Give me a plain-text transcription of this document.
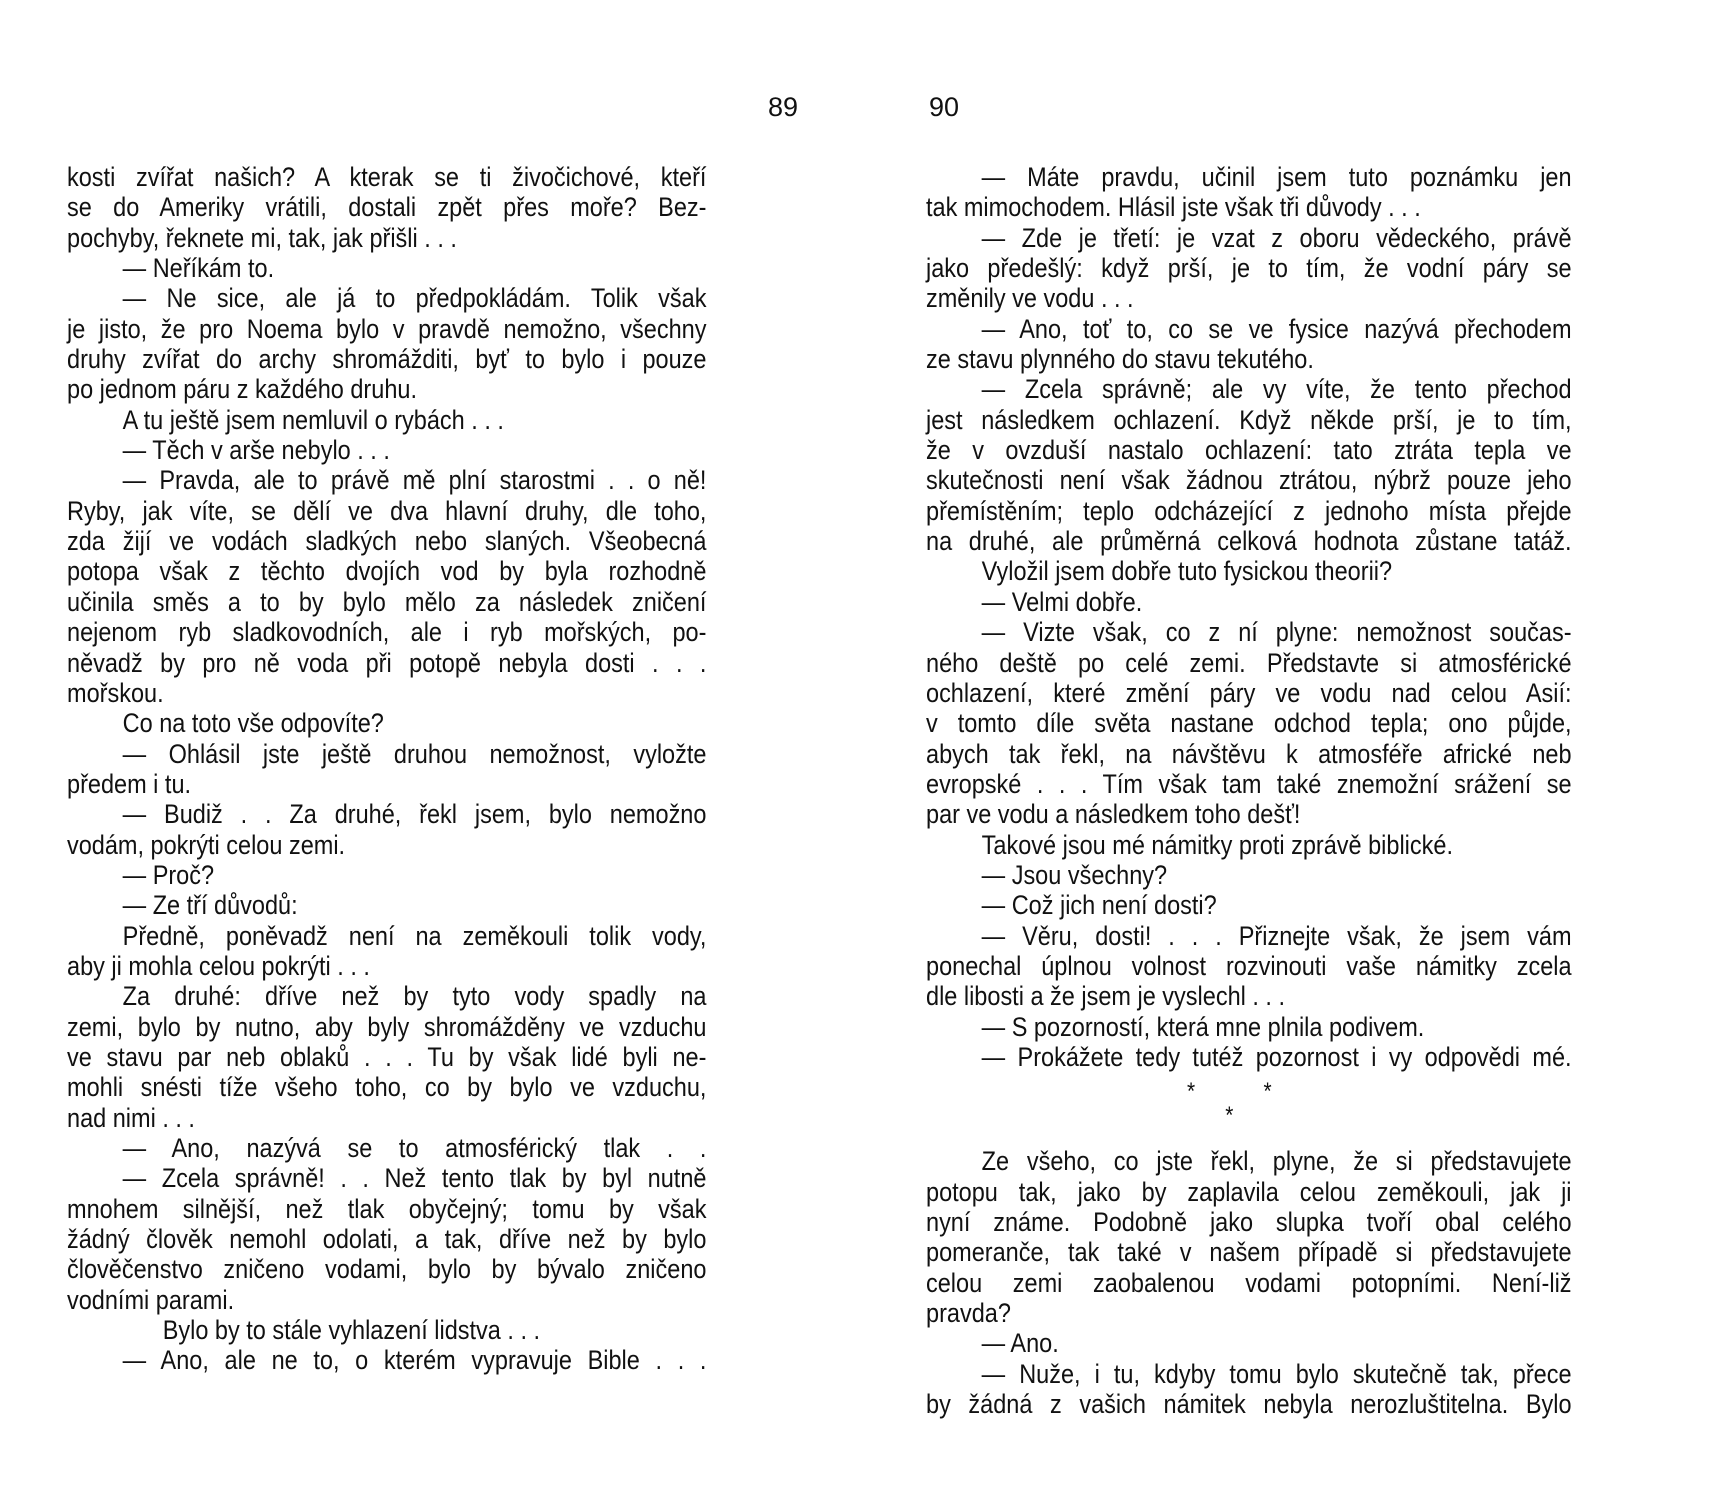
89
kosti zvířat našich? A kterak se ti živočichové, kteří
se do Ameriky vrátili, dostali zpět přes moře? Bez-
pochyby, řeknete mi, tak, jak přišli . . .
— Neříkám to.
— Ne sice, ale já to předpokládám. Tolik však
je jisto, že pro Noema bylo v pravdě nemožno, všechny
druhy zvířat do archy shromážditi, byť to bylo i pouze
po jednom páru z každého druhu.
A tu ještě jsem nemluvil o rybách . . .
— Těch v arše nebylo . . .
— Pravda, ale to právě mě plní starostmi . . o ně!
Ryby, jak víte, se dělí ve dva hlavní druhy, dle toho,
zda žijí ve vodách sladkých nebo slaných. Všeobecná
potopa však z těchto dvojích vod by byla rozhodně
učinila směs a to by bylo mělo za následek zničení
nejenom ryb sladkovodních, ale i ryb mořských, po-
něvadž by pro ně voda při potopě nebyla dosti . . .
mořskou.
Co na toto vše odpovíte?
— Ohlásil jste ještě druhou nemožnost, vyložte
předem i tu.
— Budiž . . Za druhé, řekl jsem, bylo nemožno
vodám, pokrýti celou zemi.
— Proč?
— Ze tří důvodů:
Předně, poněvadž není na zeměkouli tolik vody,
aby ji mohla celou pokrýti . . .
Za druhé: dříve než by tyto vody spadly na
zemi, bylo by nutno, aby byly shromážděny ve vzduchu
ve stavu par neb oblaků . . . Tu by však lidé byli ne-
mohli snésti tíže všeho toho, co by bylo ve vzduchu,
nad nimi . . .
— Ano, nazývá se to atmosférický tlak . .
— Zcela správně! . . Než tento tlak by byl nutně
mnohem silnější, než tlak obyčejný; tomu by však
žádný člověk nemohl odolati, a tak, dříve než by bylo
člověčenstvo zničeno vodami, bylo by bývalo zničeno
vodními parami.
Bylo by to stále vyhlazení lidstva . . .
— Ano, ale ne to, o kterém vypravuje Bible . . .
90
— Máte pravdu, učinil jsem tuto poznámku jen
tak mimochodem. Hlásil jste však tři důvody . . .
— Zde je třetí: je vzat z oboru vědeckého, právě
jako předešlý: když prší, je to tím, že vodní páry se
změnily ve vodu . . .
— Ano, toť to, co se ve fysice nazývá přechodem
ze stavu plynného do stavu tekutého.
— Zcela správně; ale vy víte, že tento přechod
jest následkem ochlazení. Když někde prší, je to tím,
že v ovzduší nastalo ochlazení: tato ztráta tepla ve
skutečnosti není však žádnou ztrátou, nýbrž pouze jeho
přemístěním; teplo odcházející z jednoho místa přejde
na druhé, ale průměrná celková hodnota zůstane tatáž.
Vyložil jsem dobře tuto fysickou theorii?
— Velmi dobře.
— Vizte však, co z ní plyne: nemožnost součas-
ného deště po celé zemi. Představte si atmosférické
ochlazení, které změní páry ve vodu nad celou Asií:
v tomto díle světa nastane odchod tepla; ono půjde,
abych tak řekl, na návštěvu k atmosféře africké neb
evropské . . . Tím však tam také znemožní srážení se
par ve vodu a následkem toho dešť!
Takové jsou mé námitky proti zprávě biblické.
— Jsou všechny?
— Což jich není dosti?
— Věru, dosti! . . . Přiznejte však, že jsem vám
ponechal úplnou volnost rozvinouti vaše námitky zcela
dle libosti a že jsem je vyslechl . . .
— S pozorností, která mne plnila podivem.
— Prokážete tedy tutéž pozornost i vy odpovědi mé.
*	*
*
Ze všeho, co jste řekl, plyne, že si představujete
potopu tak, jako by zaplavila celou zeměkouli, jak ji
nyní známe. Podobně jako slupka tvoří obal celého
pomeranče, tak také v našem případě si představujete
celou zemi zaobalenou vodami potopními. Není-liž
pravda?
— Ano.
— Nuže, i tu, kdyby tomu bylo skutečně tak, přece
by žádná z vašich námitek nebyla nerozluštitelna. Bylo
